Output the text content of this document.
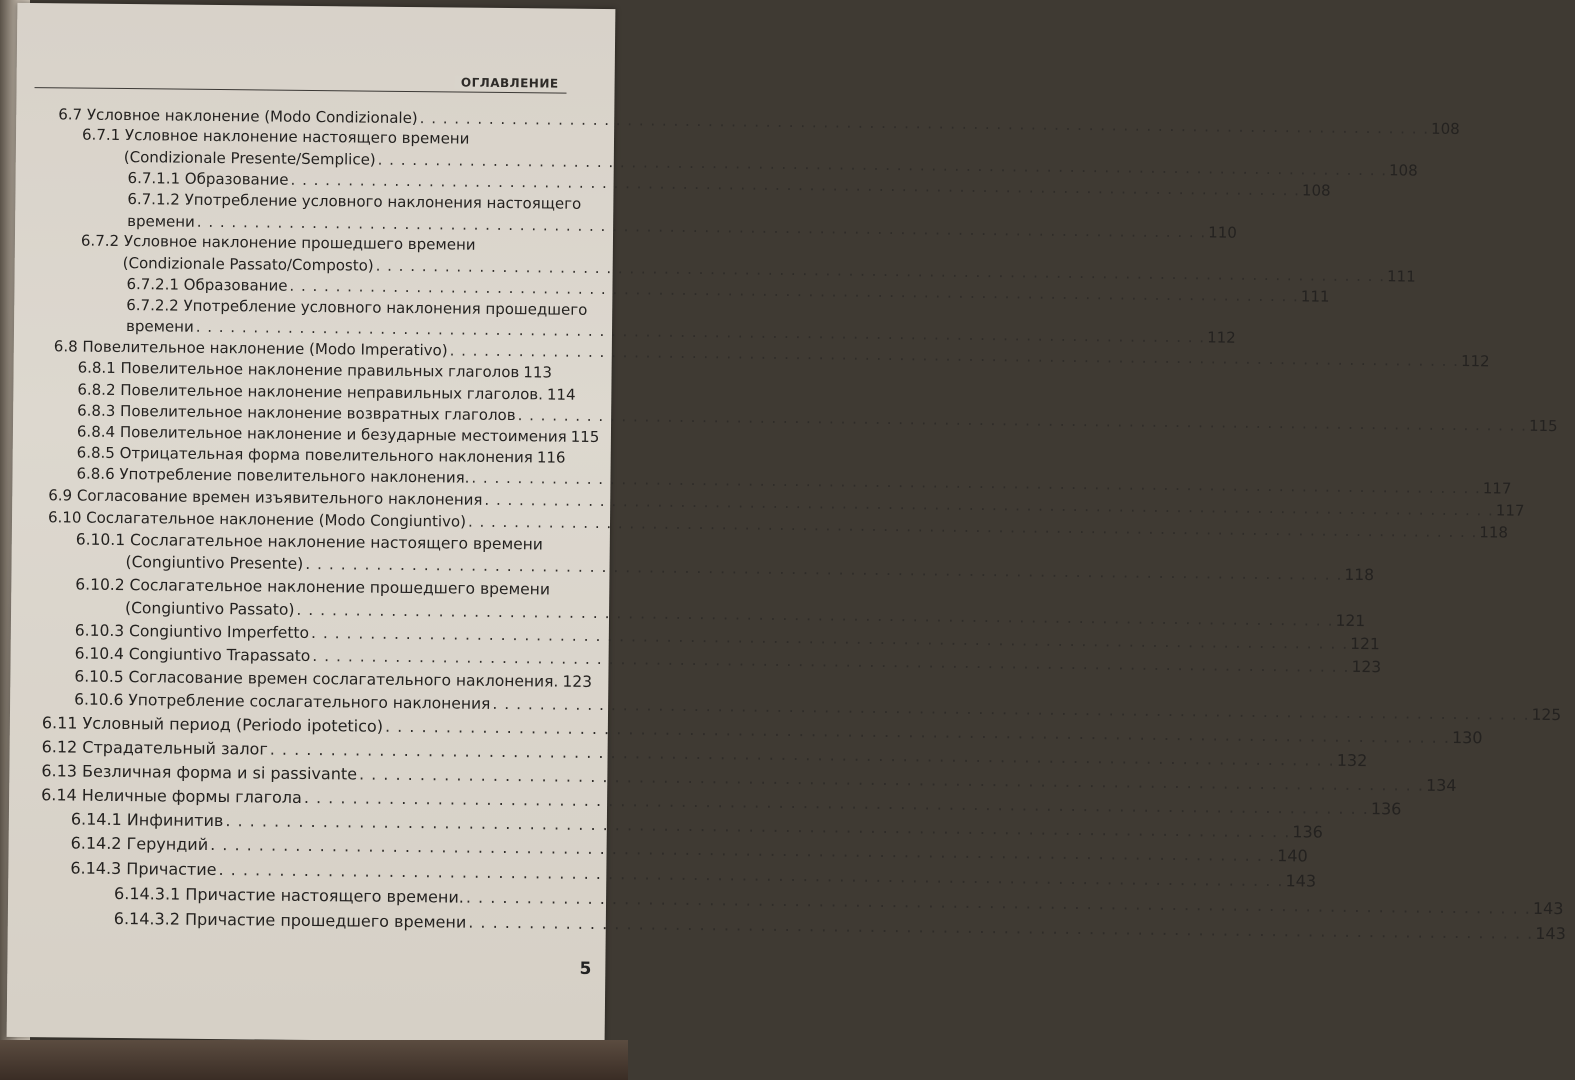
ОГЛАВЛЕНИЕ
6.7 Условное наклонение (Modo Condizionale)
. . .
108
6.7.1 Условное наклонение настоящего времени
(Condizionale Presente/Semplice)
. . .
108
6.7.1.1 Образование
. . .
108
6.7.1.2 Употребление условного наклонения настоящего
времени
. . .
110
6.7.2 Условное наклонение прошедшего времени
(Condizionale Passato/Composto)
. . .
111
6.7.2.1 Образование
. . .
111
6.7.2.2 Употребление условного наклонения прошедшего
времени
. . .
112
6.8 Повелительное наклонение (Modo Imperativo)
. . .
112
6.8.1 Повелительное наклонение правильных глаголов . . . 113
6.8.2 Повелительное наклонение неправильных глаголов. . . . 114
6.8.3 Повелительное наклонение возвратных глаголов
. . .
115
6.8.4 Повелительное наклонение и безударные местоимения . . . 115
6.8.5 Отрицательная форма повелительного наклонения . . . 116
6.8.6 Употребление повелительного наклонения.
. . .
117
6.9 Согласование времен изъявительного наклонения
. . .
117
6.10 Сослагательное наклонение (Modo Congiuntivo)
. . .
118
6.10.1 Сослагательное наклонение настоящего времени
(Congiuntivo Presente)
. . .
118
6.10.2 Сослагательное наклонение прошедшего времени
(Congiuntivo Passato)
. . .
121
6.10.3 Congiuntivo Imperfetto
. . .
121
6.10.4 Congiuntivo Trapassato
. . .
123
6.10.5 Согласование времен сослагательного наклонения. . . . 123
6.10.6 Употребление сослагательного наклонения
. . .
125
6.11 Условный период (Periodo ipotetico)
. . .
130
6.12 Страдательный залог
. . .
132
6.13 Безличная форма и si passivante
. . .
134
6.14 Неличные формы глагола
. . .
136
6.14.1 Инфинитив
. . .
136
6.14.2 Герундий
. . .
140
6.14.3 Причастие
. . .
143
6.14.3.1 Причастие настоящего времени.
. . .
143
6.14.3.2 Причастие прошедшего времени
. . .
143
5
